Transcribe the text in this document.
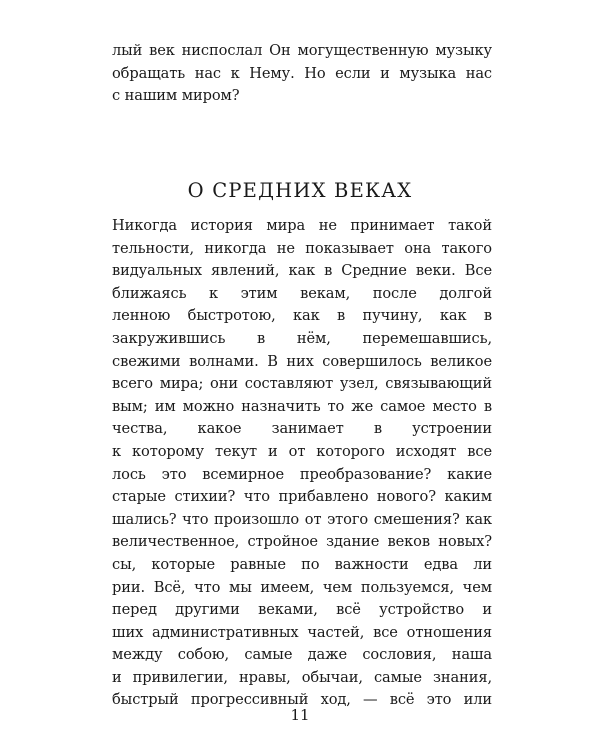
лый век ниспослал Он могущественную музыку
обращать нас к Нему. Но если и музыка нас
с нашим миром?
О СРЕДНИХ ВЕКАХ
Никогда история мира не принимает такой
тельности, никогда не показывает она такого
видуальных явлений, как в Средние веки. Все
ближаясь к этим векам, после долгой
ленною быстротою, как в пучину, как в
закружившись в нём, перемешавшись,
свежими волнами. В них совершилось великое
всего мира; они составляют узел, связывающий
вым; им можно назначить то же самое место в
чества, какое занимает в устроении
к которому текут и от которого исходят все
лось это всемирное преобразование? какие
старые стихии? что прибавлено нового? каким
шались? что произошло от этого смешения? как
величественное, стройное здание веков новых?
сы, которые равные по важности едва ли
рии. Всё, что мы имеем, чем пользуемся, чем
перед другими веками, всё устройство и
ших административных частей, все отношения
между собою, самые даже сословия, наша
и привилегии, нравы, обычаи, самые знания,
быстрый прогрессивный ход, — всё это или
11
